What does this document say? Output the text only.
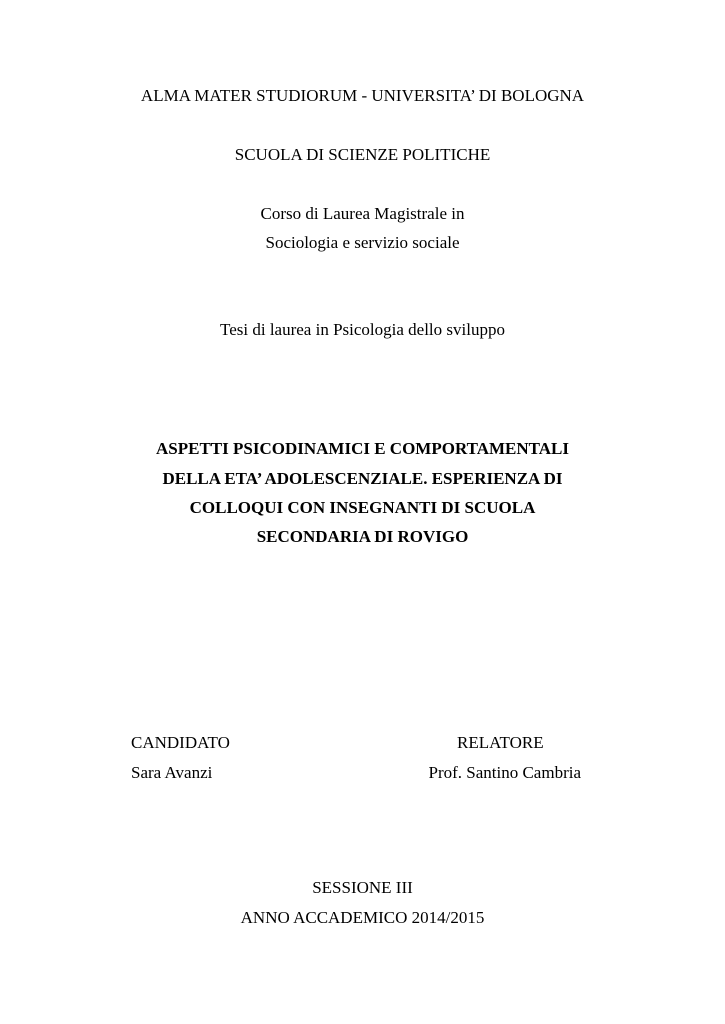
ALMA MATER STUDIORUM - UNIVERSITA’ DI BOLOGNA
SCUOLA DI SCIENZE POLITICHE
Corso di Laurea Magistrale in
Sociologia e servizio sociale
Tesi di laurea in Psicologia dello sviluppo
ASPETTI PSICODINAMICI E COMPORTAMENTALI
DELLA ETA’ ADOLESCENZIALE. ESPERIENZA DI
COLLOQUI CON INSEGNANTI DI SCUOLA
SECONDARIA DI ROVIGO
CANDIDATO
Sara Avanzi
RELATORE
Prof. Santino Cambria
SESSIONE III
ANNO ACCADEMICO 2014/2015
